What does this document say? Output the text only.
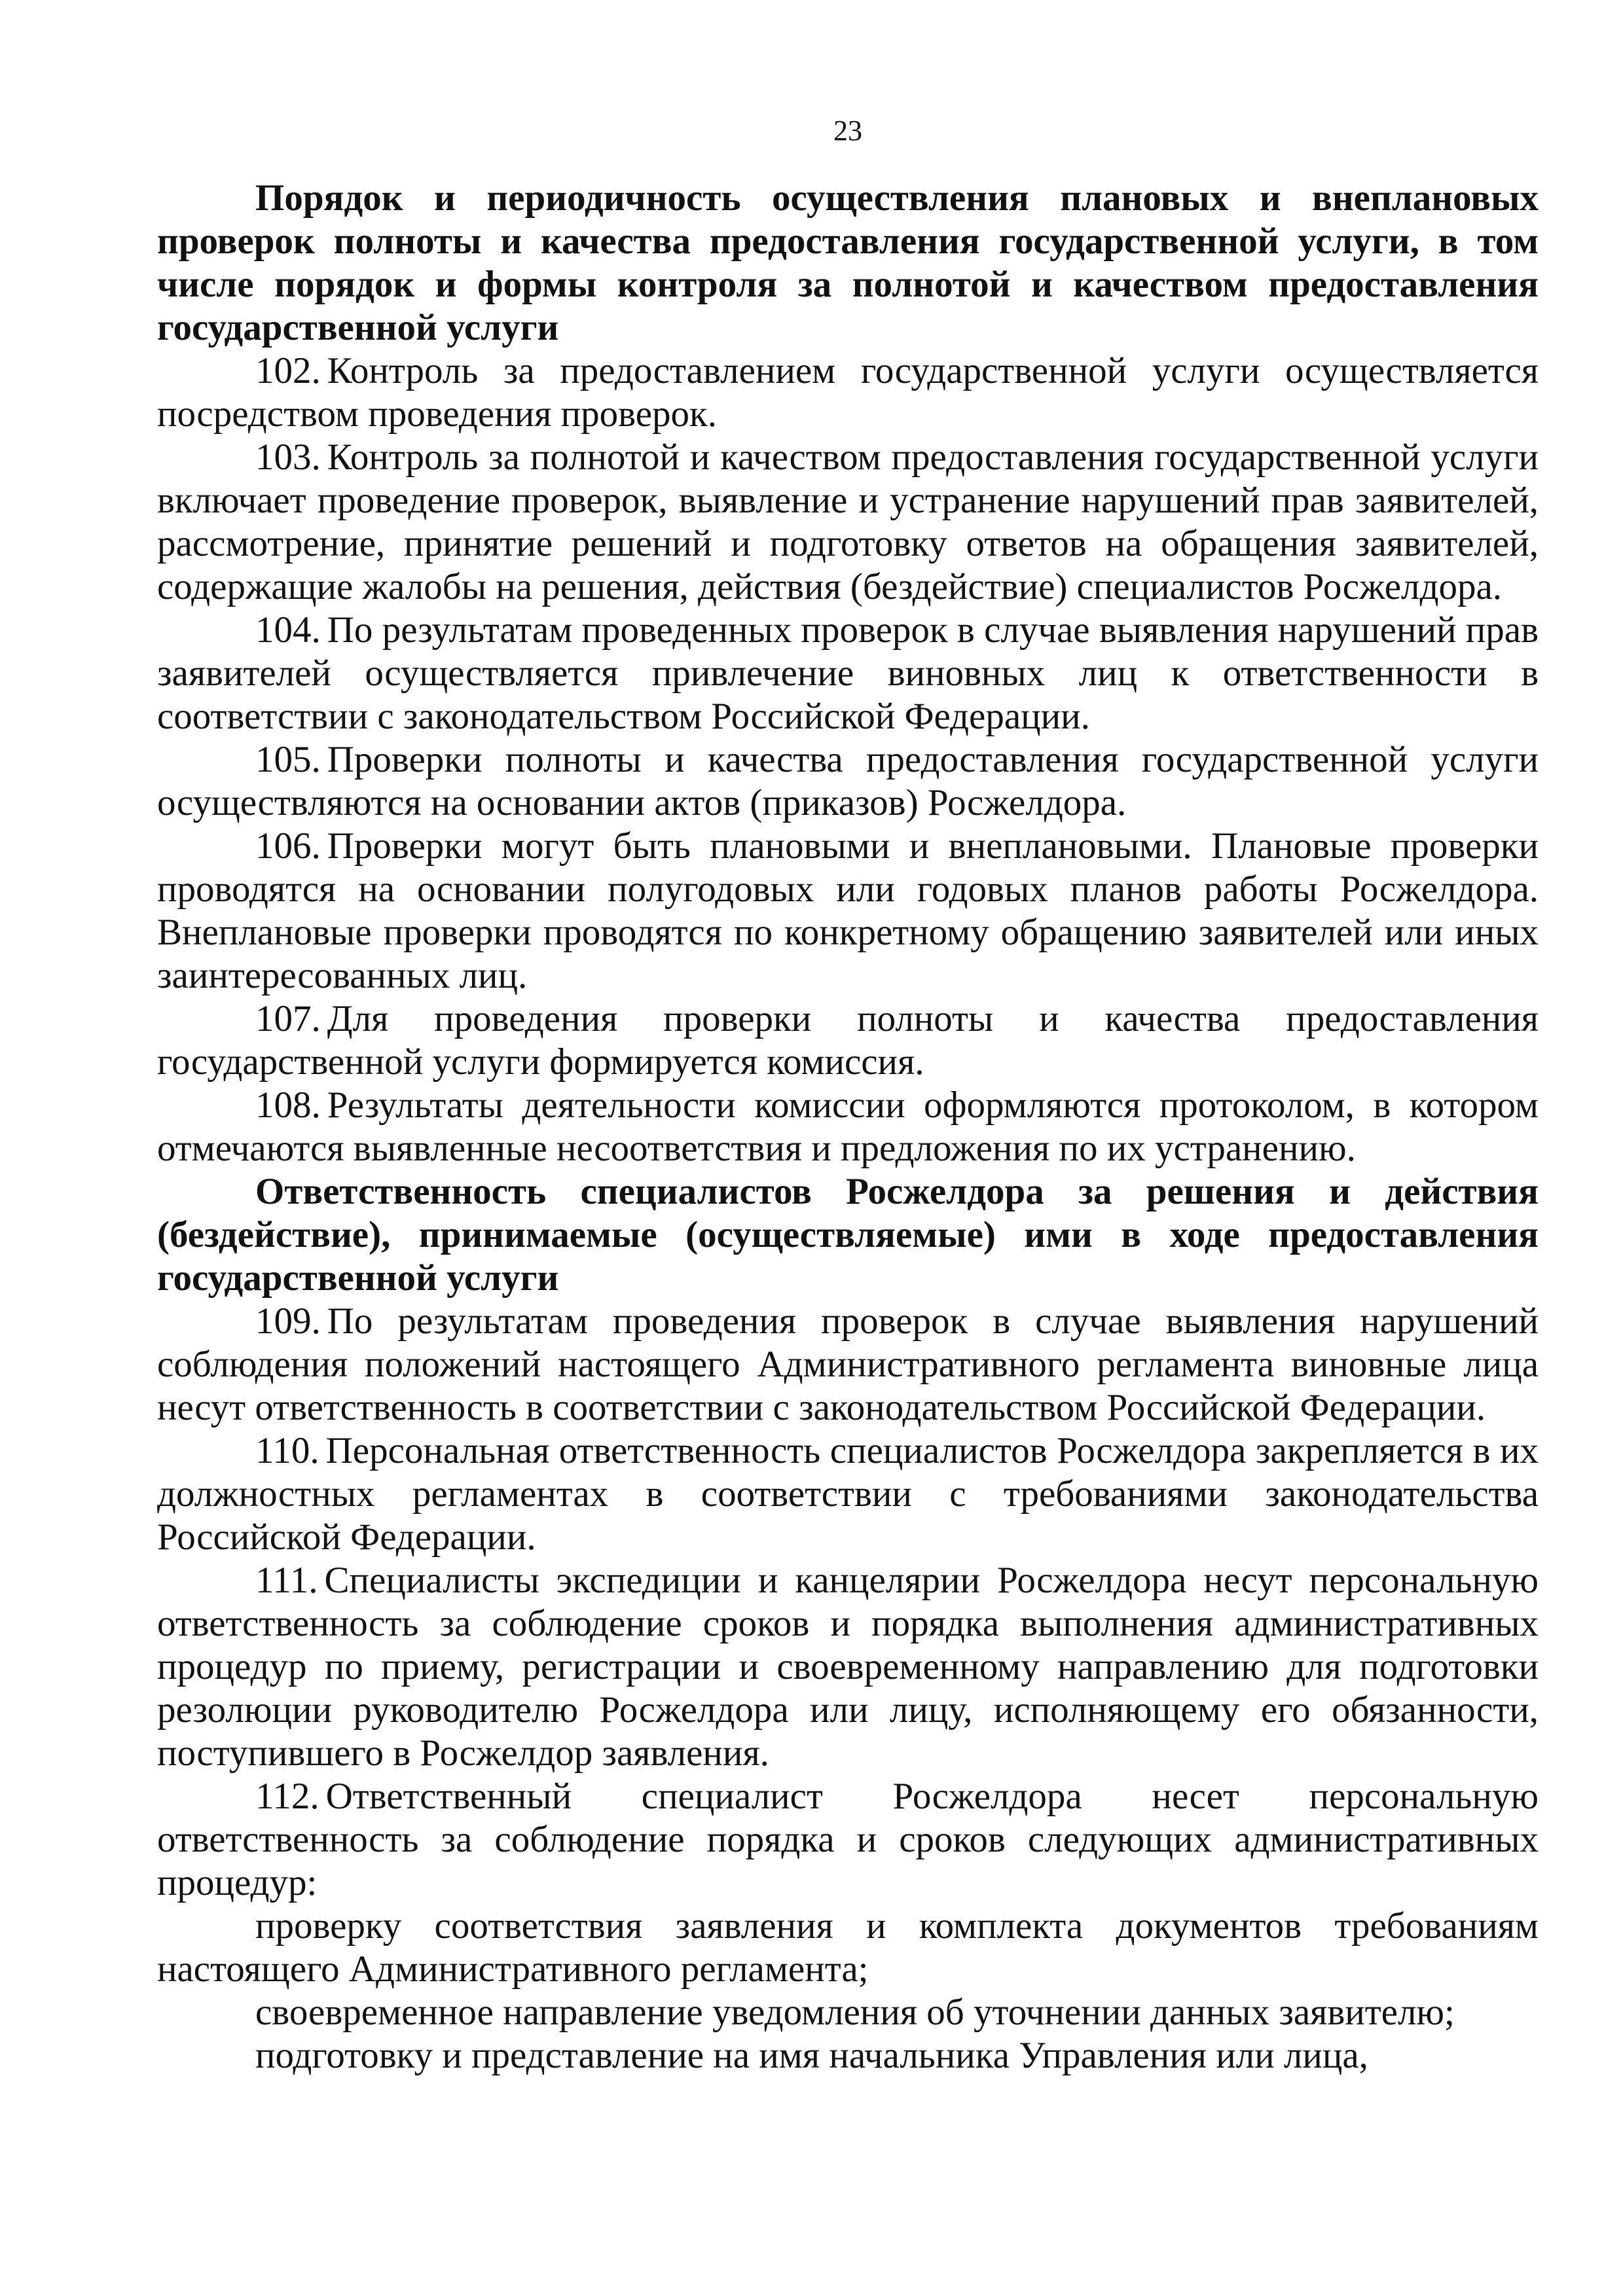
23

Порядок и периодичность осуществления плановых и внеплановых проверок полноты и качества предоставления государственной услуги, в том числе порядок и формы контроля за полнотой и качеством предоставления государственной услуги

102. Контроль за предоставлением государственной услуги осуществляется посредством проведения проверок.

103. Контроль за полнотой и качеством предоставления государственной услуги включает проведение проверок, выявление и устранение нарушений прав заявителей, рассмотрение, принятие решений и подготовку ответов на обращения заявителей, содержащие жалобы на решения, действия (бездействие) специалистов Росжелдора.

104. По результатам проведенных проверок в случае выявления нарушений прав заявителей осуществляется привлечение виновных лиц к ответственности в соответствии с законодательством Российской Федерации.

105. Проверки полноты и качества предоставления государственной услуги осуществляются на основании актов (приказов) Росжелдора.

106. Проверки могут быть плановыми и внеплановыми. Плановые проверки проводятся на основании полугодовых или годовых планов работы Росжелдора. Внеплановые проверки проводятся по конкретному обращению заявителей или иных заинтересованных лиц.

107. Для проведения проверки полноты и качества предоставления государственной услуги формируется комиссия.

108. Результаты деятельности комиссии оформляются протоколом, в котором отмечаются выявленные несоответствия и предложения по их устранению.

Ответственность специалистов Росжелдора за решения и действия (бездействие), принимаемые (осуществляемые) ими в ходе предоставления государственной услуги

109. По результатам проведения проверок в случае выявления нарушений соблюдения положений настоящего Административного регламента виновные лица несут ответственность в соответствии с законодательством Российской Федерации.

110. Персональная ответственность специалистов Росжелдора закрепляется в их должностных регламентах в соответствии с требованиями законодательства Российской Федерации.

111. Специалисты экспедиции и канцелярии Росжелдора несут персональную ответственность за соблюдение сроков и порядка выполнения административных процедур по приему, регистрации и своевременному направлению для подготовки резолюции руководителю Росжелдора или лицу, исполняющему его обязанности, поступившего в Росжелдор заявления.

112. Ответственный специалист Росжелдора несет персональную ответственность за соблюдение порядка и сроков следующих административных процедур:

проверку соответствия заявления и комплекта документов требованиям настоящего Административного регламента;

своевременное направление уведомления об уточнении данных заявителю;

подготовку и представление на имя начальника Управления или лица,
